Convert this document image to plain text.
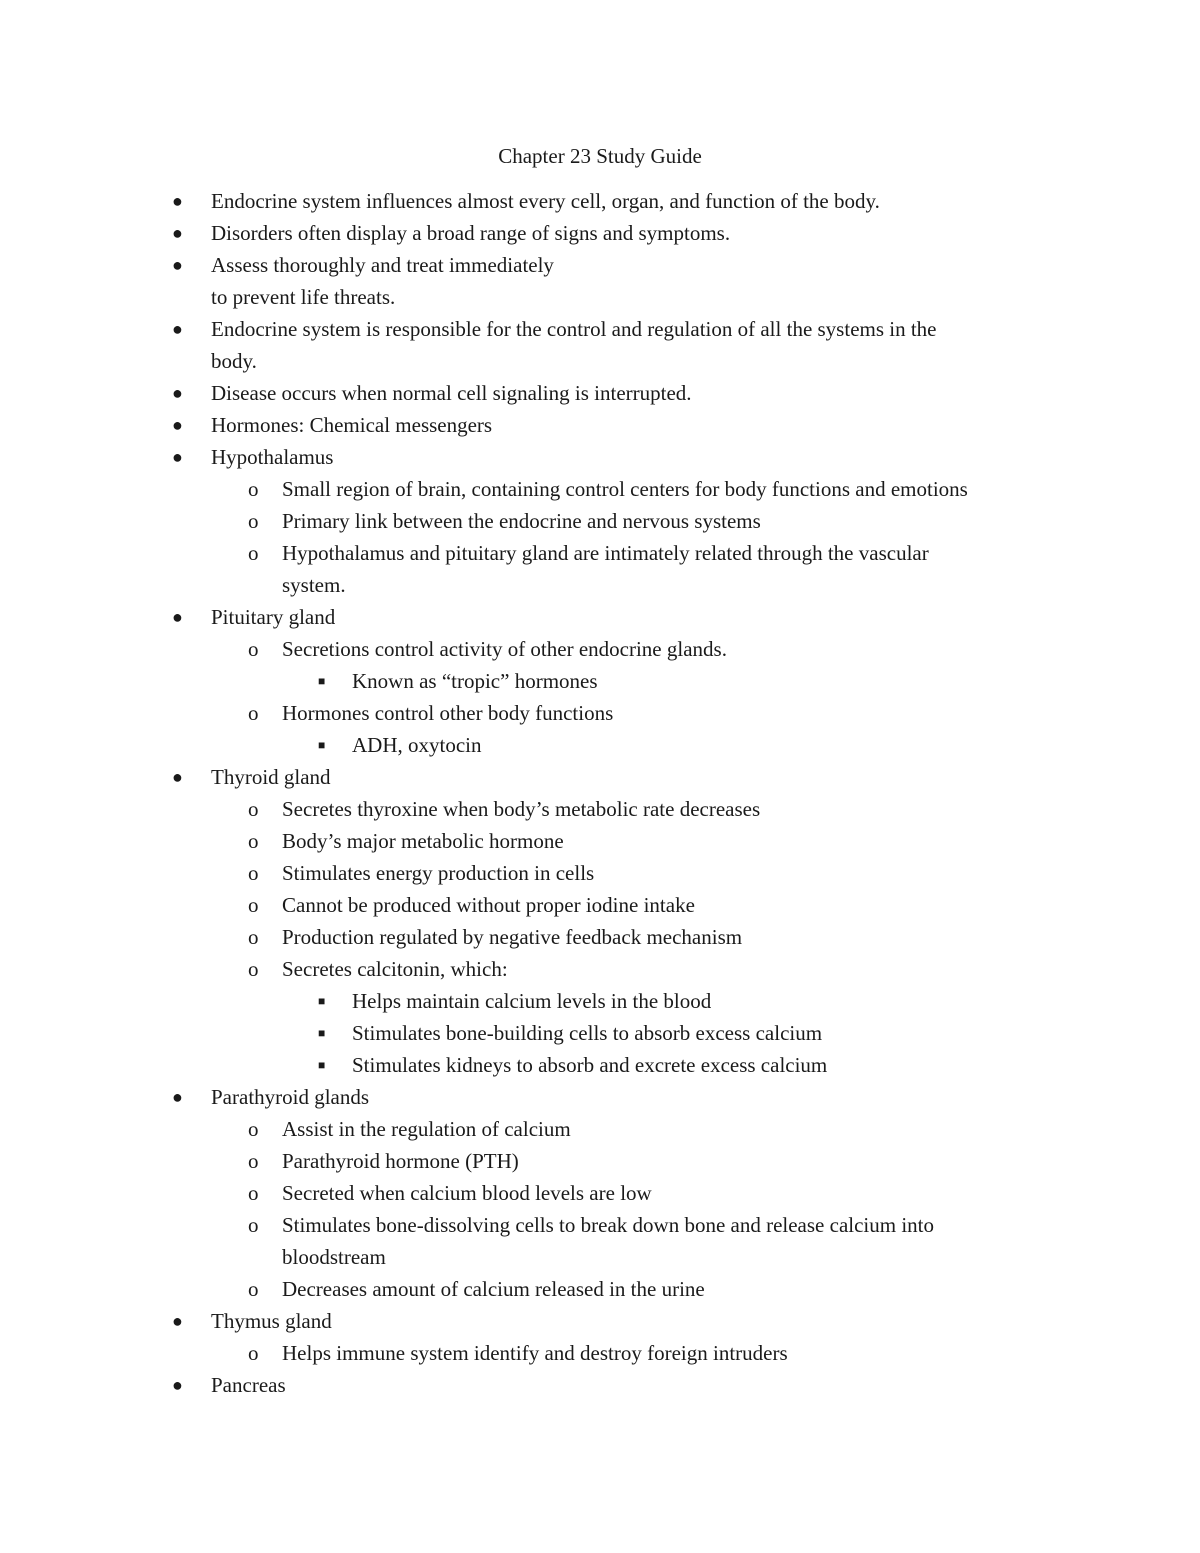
Chapter 23 Study Guide
● Endocrine system influences almost every cell, organ, and function of the body.
● Disorders often display a broad range of signs and symptoms.
● Assess thoroughly and treat immediately
to prevent life threats.
● Endocrine system is responsible for the control and regulation of all the systems in the
body.
● Disease occurs when normal cell signaling is interrupted.
● Hormones: Chemical messengers
● Hypothalamus
o Small region of brain, containing control centers for body functions and emotions
o Primary link between the endocrine and nervous systems
o Hypothalamus and pituitary gland are intimately related through the vascular
system.
● Pituitary gland
o Secretions control activity of other endocrine glands.
■ Known as “tropic” hormones
o Hormones control other body functions
■ ADH, oxytocin
● Thyroid gland
o Secretes thyroxine when body’s metabolic rate decreases
o Body’s major metabolic hormone
o Stimulates energy production in cells
o Cannot be produced without proper iodine intake
o Production regulated by negative feedback mechanism
o Secretes calcitonin, which:
■ Helps maintain calcium levels in the blood
■ Stimulates bone-building cells to absorb excess calcium
■ Stimulates kidneys to absorb and excrete excess calcium
● Parathyroid glands
o Assist in the regulation of calcium
o Parathyroid hormone (PTH)
o Secreted when calcium blood levels are low
o Stimulates bone-dissolving cells to break down bone and release calcium into
bloodstream
o Decreases amount of calcium released in the urine
● Thymus gland
o Helps immune system identify and destroy foreign intruders
● Pancreas
